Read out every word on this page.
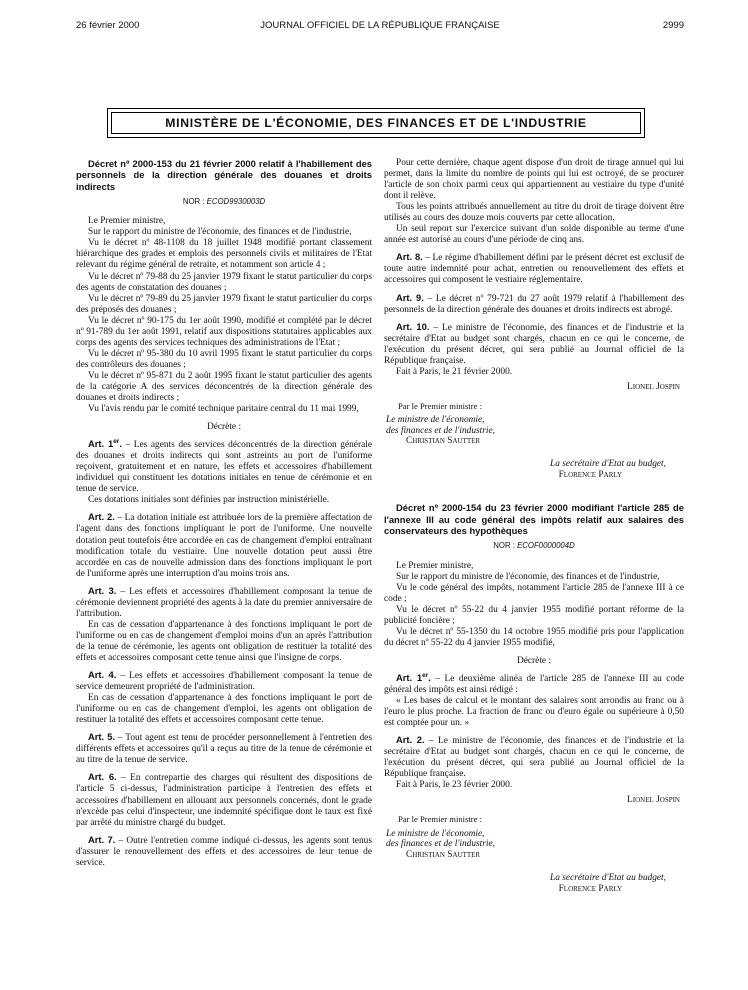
26 février 2000	JOURNAL OFFICIEL DE LA RÉPUBLIQUE FRANÇAISE	2999
MINISTÈRE DE L'ÉCONOMIE, DES FINANCES ET DE L'INDUSTRIE

Décret nº 2000-153 du 21 février 2000 relatif à l'habillement des personnels de la direction générale des douanes et droits indirects

NOR : ECOD9930003D

Le Premier ministre,

Sur le rapport du ministre de l'économie, des finances et de l'industrie,

Vu le décret nº 48-1108 du 18 juillet 1948 modifié portant classement hiérarchique des grades et emplois des personnels civils et militaires de l'Etat relevant du régime général de retraite, et notamment son article 4 ;

Vu le décret nº 79-88 du 25 janvier 1979 fixant le statut particulier du corps des agents de constatation des douanes ;

Vu le décret nº 79-89 du 25 janvier 1979 fixant le statut particulier du corps des préposés des douanes ;

Vu le décret nº 90-175 du 1er août 1990, modifié et complété par le décret nº 91-789 du 1er août 1991, relatif aux dispositions statutaires applicables aux corps des agents des services techniques des administrations de l'Etat ;

Vu le décret nº 95-380 du 10 avril 1995 fixant le statut particulier du corps des contrôleurs des douanes ;

Vu le décret nº 95-871 du 2 août 1995 fixant le statut particulier des agents de la catégorie A des services déconcentrés de la direction générale des douanes et droits indirects ;

Vu l'avis rendu par le comité technique paritaire central du 11 mai 1999,

Décrète :

Art. 1er. – Les agents des services déconcentrés de la direction générale des douanes et droits indirects qui sont astreints au port de l'uniforme reçoivent, gratuitement et en nature, les effets et accessoires d'habillement individuel qui constituent les dotations initiales en tenue de cérémonie et en tenue de service.

Ces dotations initiales sont définies par instruction ministérielle.

Art. 2. – La dotation initiale est attribuée lors de la première affectation de l'agent dans des fonctions impliquant le port de l'uniforme. Une nouvelle dotation peut toutefois être accordée en cas de changement d'emploi entraînant modification totale du vestiaire. Une nouvelle dotation peut aussi être accordée en cas de nouvelle admission dans des fonctions impliquant le port de l'uniforme après une interruption d'au moins trois ans.

Art. 3. – Les effets et accessoires d'habillement composant la tenue de cérémonie deviennent propriété des agents à la date du premier anniversaire de l'attribution.

En cas de cessation d'appartenance à des fonctions impliquant le port de l'uniforme ou en cas de changement d'emploi moins d'un an après l'attribution de la tenue de cérémonie, les agents ont obligation de restituer la totalité des effets et accessoires composant cette tenue ainsi que l'insigne de corps.

Art. 4. – Les effets et accessoires d'habillement composant la tenue de service demeurent propriété de l'administration.

En cas de cessation d'appartenance à des fonctions impliquant le port de l'uniforme ou en cas de changement d'emploi, les agents ont obligation de restituer la totalité des effets et accessoires composant cette tenue.

Art. 5. – Tout agent est tenu de procéder personnellement à l'entretien des différents effets et accessoires qu'il a reçus au titre de la tenue de cérémonie et au titre de la tenue de service.

Art. 6. – En contrepartie des charges qui résultent des dispositions de l'article 5 ci-dessus, l'administration participe à l'entretien des effets et accessoires d'habillement en allouant aux personnels concernés, dont le grade n'excède pas celui d'inspecteur, une indemnité spécifique dont le taux est fixé par arrêté du ministre chargé du budget.

Art. 7. – Outre l'entretien comme indiqué ci-dessus, les agents sont tenus d'assurer le renouvellement des effets et des accessoires de leur tenue de service.

Pour cette dernière, chaque agent dispose d'un droit de tirage annuel qui lui permet, dans la limite du nombre de points qui lui est octroyé, de se procurer l'article de son choix parmi ceux qui appartiennent au vestiaire du type d'unité dont il relève.

Tous les points attribués annuellement au titre du droit de tirage doivent être utilisés au cours des douze mois couverts par cette allocation.

Un seul report sur l'exercice suivant d'un solde disponible au terme d'une année est autorisé au cours d'une période de cinq ans.

Art. 8. – Le régime d'habillement défini par le présent décret est exclusif de toute autre indemnité pour achat, entretien ou renouvellement des effets et accessoires qui composent le vestiaire réglementaire.

Art. 9. – Le décret nº 79-721 du 27 août 1979 relatif à l'habillement des personnels de la direction générale des douanes et droits indirects est abrogé.

Art. 10. – Le ministre de l'économie, des finances et de l'industrie et la secrétaire d'Etat au budget sont chargés, chacun en ce qui le concerne, de l'exécution du présent décret, qui sera publié au Journal officiel de la République française.

Fait à Paris, le 21 février 2000.

Lionel Jospin
Par le Premier ministre :
Le ministre de l'économie,
des finances et de l'industrie,
Christian Sautter
La secrétaire d'Etat au budget,
Florence Parly

Décret nº 2000-154 du 23 février 2000 modifiant l'article 285 de l'annexe III au code général des impôts relatif aux salaires des conservateurs des hypothèques

NOR : ECOF0000004D

Le Premier ministre,

Sur le rapport du ministre de l'économie, des finances et de l'industrie,

Vu le code général des impôts, notamment l'article 285 de l'annexe III à ce code ;

Vu le décret nº 55-22 du 4 janvier 1955 modifié portant réforme de la publicité foncière ;

Vu le décret nº 55-1350 du 14 octobre 1955 modifié pris pour l'application du décret nº 55-22 du 4 janvier 1955 modifié,

Décrète :

Art. 1er. – Le deuxième alinéa de l'article 285 de l'annexe III au code général des impôts est ainsi rédigé :

« Les bases de calcul et le montant des salaires sont arrondis au franc ou à l'euro le plus proche. La fraction de franc ou d'euro égale ou supérieure à 0,50 est comptée pour un. »

Art. 2. – Le ministre de l'économie, des finances et de l'industrie et la secrétaire d'Etat au budget sont chargés, chacun en ce qui le concerne, de l'exécution du présent décret, qui sera publié au Journal officiel de la République française.

Fait à Paris, le 23 février 2000.

Lionel Jospin
Par le Premier ministre :
Le ministre de l'économie,
des finances et de l'industrie,
Christian Sautter
La secrétaire d'Etat au budget,
Florence Parly
